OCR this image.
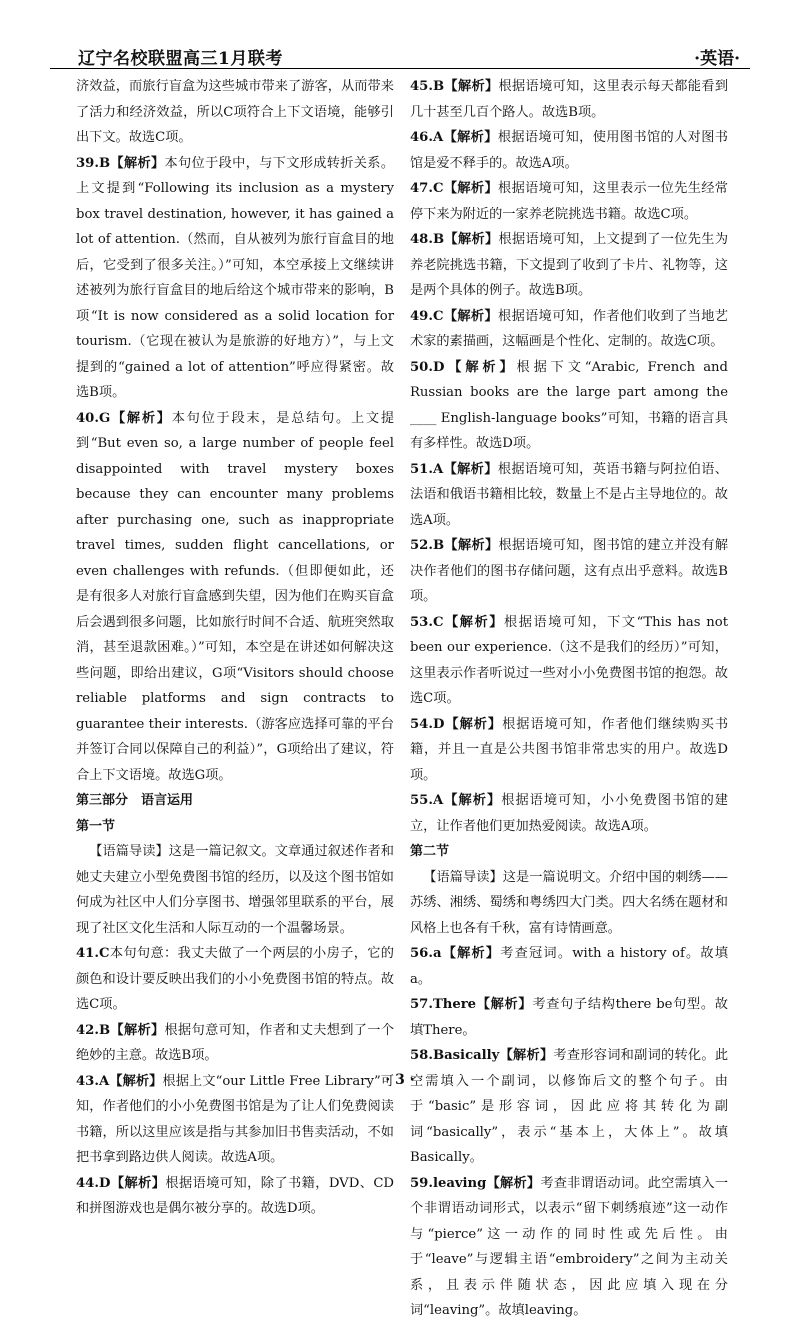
辽宁名校联盟高三1月联考	·英语·
济效益，而旅行盲盒为这些城市带来了游客，从而带来了活力和经济效益，所以C项符合上下文语境，能够引出下文。故选C项。
39.B【解析】本句位于段中，与下文形成转折关系。上文提到“Following its inclusion as a mystery box travel destination, however, it has gained a lot of attention.（然而，自从被列为旅行盲盒目的地后，它受到了很多关注。）”可知，本空承接上文继续讲述被列为旅行盲盒目的地后给这个城市带来的影响，B项“It is now considered as a solid location for tourism.（它现在被认为是旅游的好地方）”，与上文提到的“gained a lot of attention”呼应得紧密。故选B项。
40.G【解析】本句位于段末，是总结句。上文提到“But even so, a large number of people feel disappointed with travel mystery boxes because they can encounter many problems after purchasing one, such as inappropriate travel times, sudden flight cancellations, or even challenges with refunds.（但即便如此，还是有很多人对旅行盲盒感到失望，因为他们在购买盲盒后会遇到很多问题，比如旅行时间不合适、航班突然取消，甚至退款困难。）”可知，本空是在讲述如何解决这些问题，即给出建议，G项“Visitors should choose reliable platforms and sign contracts to guarantee their interests.（游客应选择可靠的平台并签订合同以保障自己的利益）”，G项给出了建议，符合上下文语境。故选G项。
第三部分　语言运用
第一节
【语篇导读】这是一篇记叙文。文章通过叙述作者和她丈夫建立小型免费图书馆的经历，以及这个图书馆如何成为社区中人们分享图书、增强邻里联系的平台，展现了社区文化生活和人际互动的一个温馨场景。
41.C本句句意：我丈夫做了一个两层的小房子，它的颜色和设计要反映出我们的小小免费图书馆的特点。故选C项。
42.B【解析】根据句意可知，作者和丈夫想到了一个绝妙的主意。故选B项。
43.A【解析】根据上文“our Little Free Library”可知，作者他们的小小免费图书馆是为了让人们免费阅读书籍，所以这里应该是指与其参加旧书售卖活动，不如把书拿到路边供人阅读。故选A项。
44.D【解析】根据语境可知，除了书籍，DVD、CD和拼图游戏也是偶尔被分享的。故选D项。
45.B【解析】根据语境可知，这里表示每天都能看到几十甚至几百个路人。故选B项。
46.A【解析】根据语境可知，使用图书馆的人对图书馆是爱不释手的。故选A项。
47.C【解析】根据语境可知，这里表示一位先生经常停下来为附近的一家养老院挑选书籍。故选C项。
48.B【解析】根据语境可知，上文提到了一位先生为养老院挑选书籍，下文提到了收到了卡片、礼物等，这是两个具体的例子。故选B项。
49.C【解析】根据语境可知，作者他们收到了当地艺术家的素描画，这幅画是个性化、定制的。故选C项。
50.D【解析】根据下文“Arabic, French and Russian books are the large part among the ____ English-language books”可知，书籍的语言具有多样性。故选D项。
51.A【解析】根据语境可知，英语书籍与阿拉伯语、法语和俄语书籍相比较，数量上不是占主导地位的。故选A项。
52.B【解析】根据语境可知，图书馆的建立并没有解决作者他们的图书存储问题，这有点出乎意料。故选B项。
53.C【解析】根据语境可知，下文“This has not been our experience.（这不是我们的经历）”可知，这里表示作者听说过一些对小小免费图书馆的抱怨。故选C项。
54.D【解析】根据语境可知，作者他们继续购买书籍，并且一直是公共图书馆非常忠实的用户。故选D项。
55.A【解析】根据语境可知，小小免费图书馆的建立，让作者他们更加热爱阅读。故选A项。
第二节
【语篇导读】这是一篇说明文。介绍中国的刺绣——苏绣、湘绣、蜀绣和粤绣四大门类。四大名绣在题材和风格上也各有千秋，富有诗情画意。
56.a【解析】考查冠词。with a history of。故填a。
57.There【解析】考查句子结构there be句型。故填There。
58.Basically【解析】考查形容词和副词的转化。此空需填入一个副词，以修饰后文的整个句子。由于“basic”是形容词，因此应将其转化为副词“basically”，表示“基本上，大体上”。故填Basically。
59.leaving【解析】考查非谓语动词。此空需填入一个非谓语动词形式，以表示“留下刺绣痕迹”这一动作与“pierce”这一动作的同时性或先后性。由于“leave”与逻辑主语“embroidery”之间为主动关系，且表示伴随状态，因此应填入现在分词“leaving”。故填leaving。
· 3 ·
